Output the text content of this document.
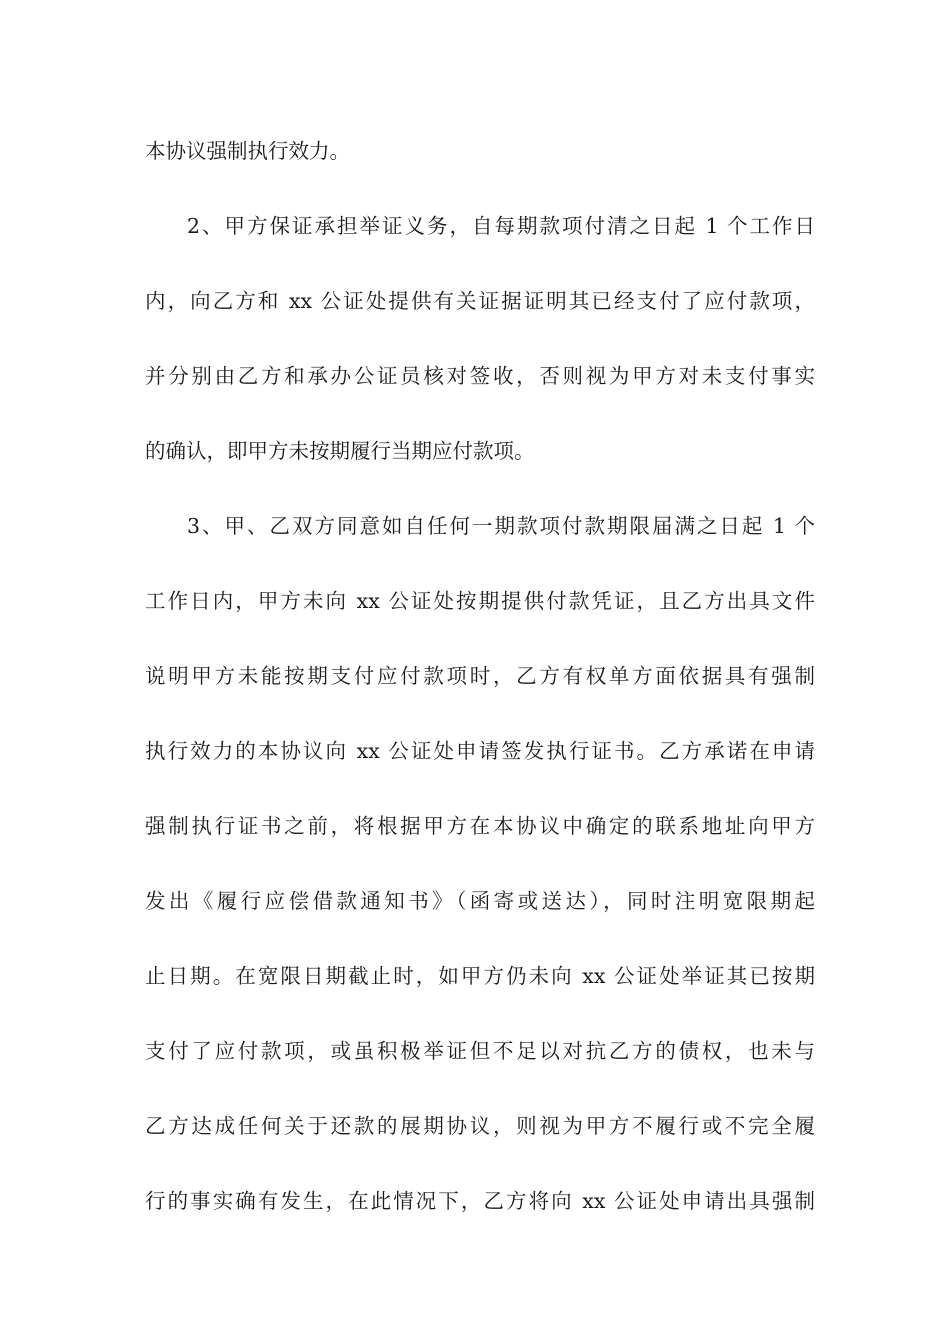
本协议强制执行效力。
2、甲方保证承担举证义务，自每期款项付清之日起 1 个工作日
内，向乙方和 xx 公证处提供有关证据证明其已经支付了应付款项，
并分别由乙方和承办公证员核对签收，否则视为甲方对未支付事实
的确认，即甲方未按期履行当期应付款项。
3、甲、乙双方同意如自任何一期款项付款期限届满之日起 1 个
工作日内，甲方未向 xx 公证处按期提供付款凭证，且乙方出具文件
说明甲方未能按期支付应付款项时，乙方有权单方面依据具有强制
执行效力的本协议向 xx 公证处申请签发执行证书。乙方承诺在申请
强制执行证书之前，将根据甲方在本协议中确定的联系地址向甲方
发出《履行应偿借款通知书》（函寄或送达），同时注明宽限期起
止日期。在宽限日期截止时，如甲方仍未向 xx 公证处举证其已按期
支付了应付款项，或虽积极举证但不足以对抗乙方的债权，也未与
乙方达成任何关于还款的展期协议，则视为甲方不履行或不完全履
行的事实确有发生，在此情况下，乙方将向 xx 公证处申请出具强制
